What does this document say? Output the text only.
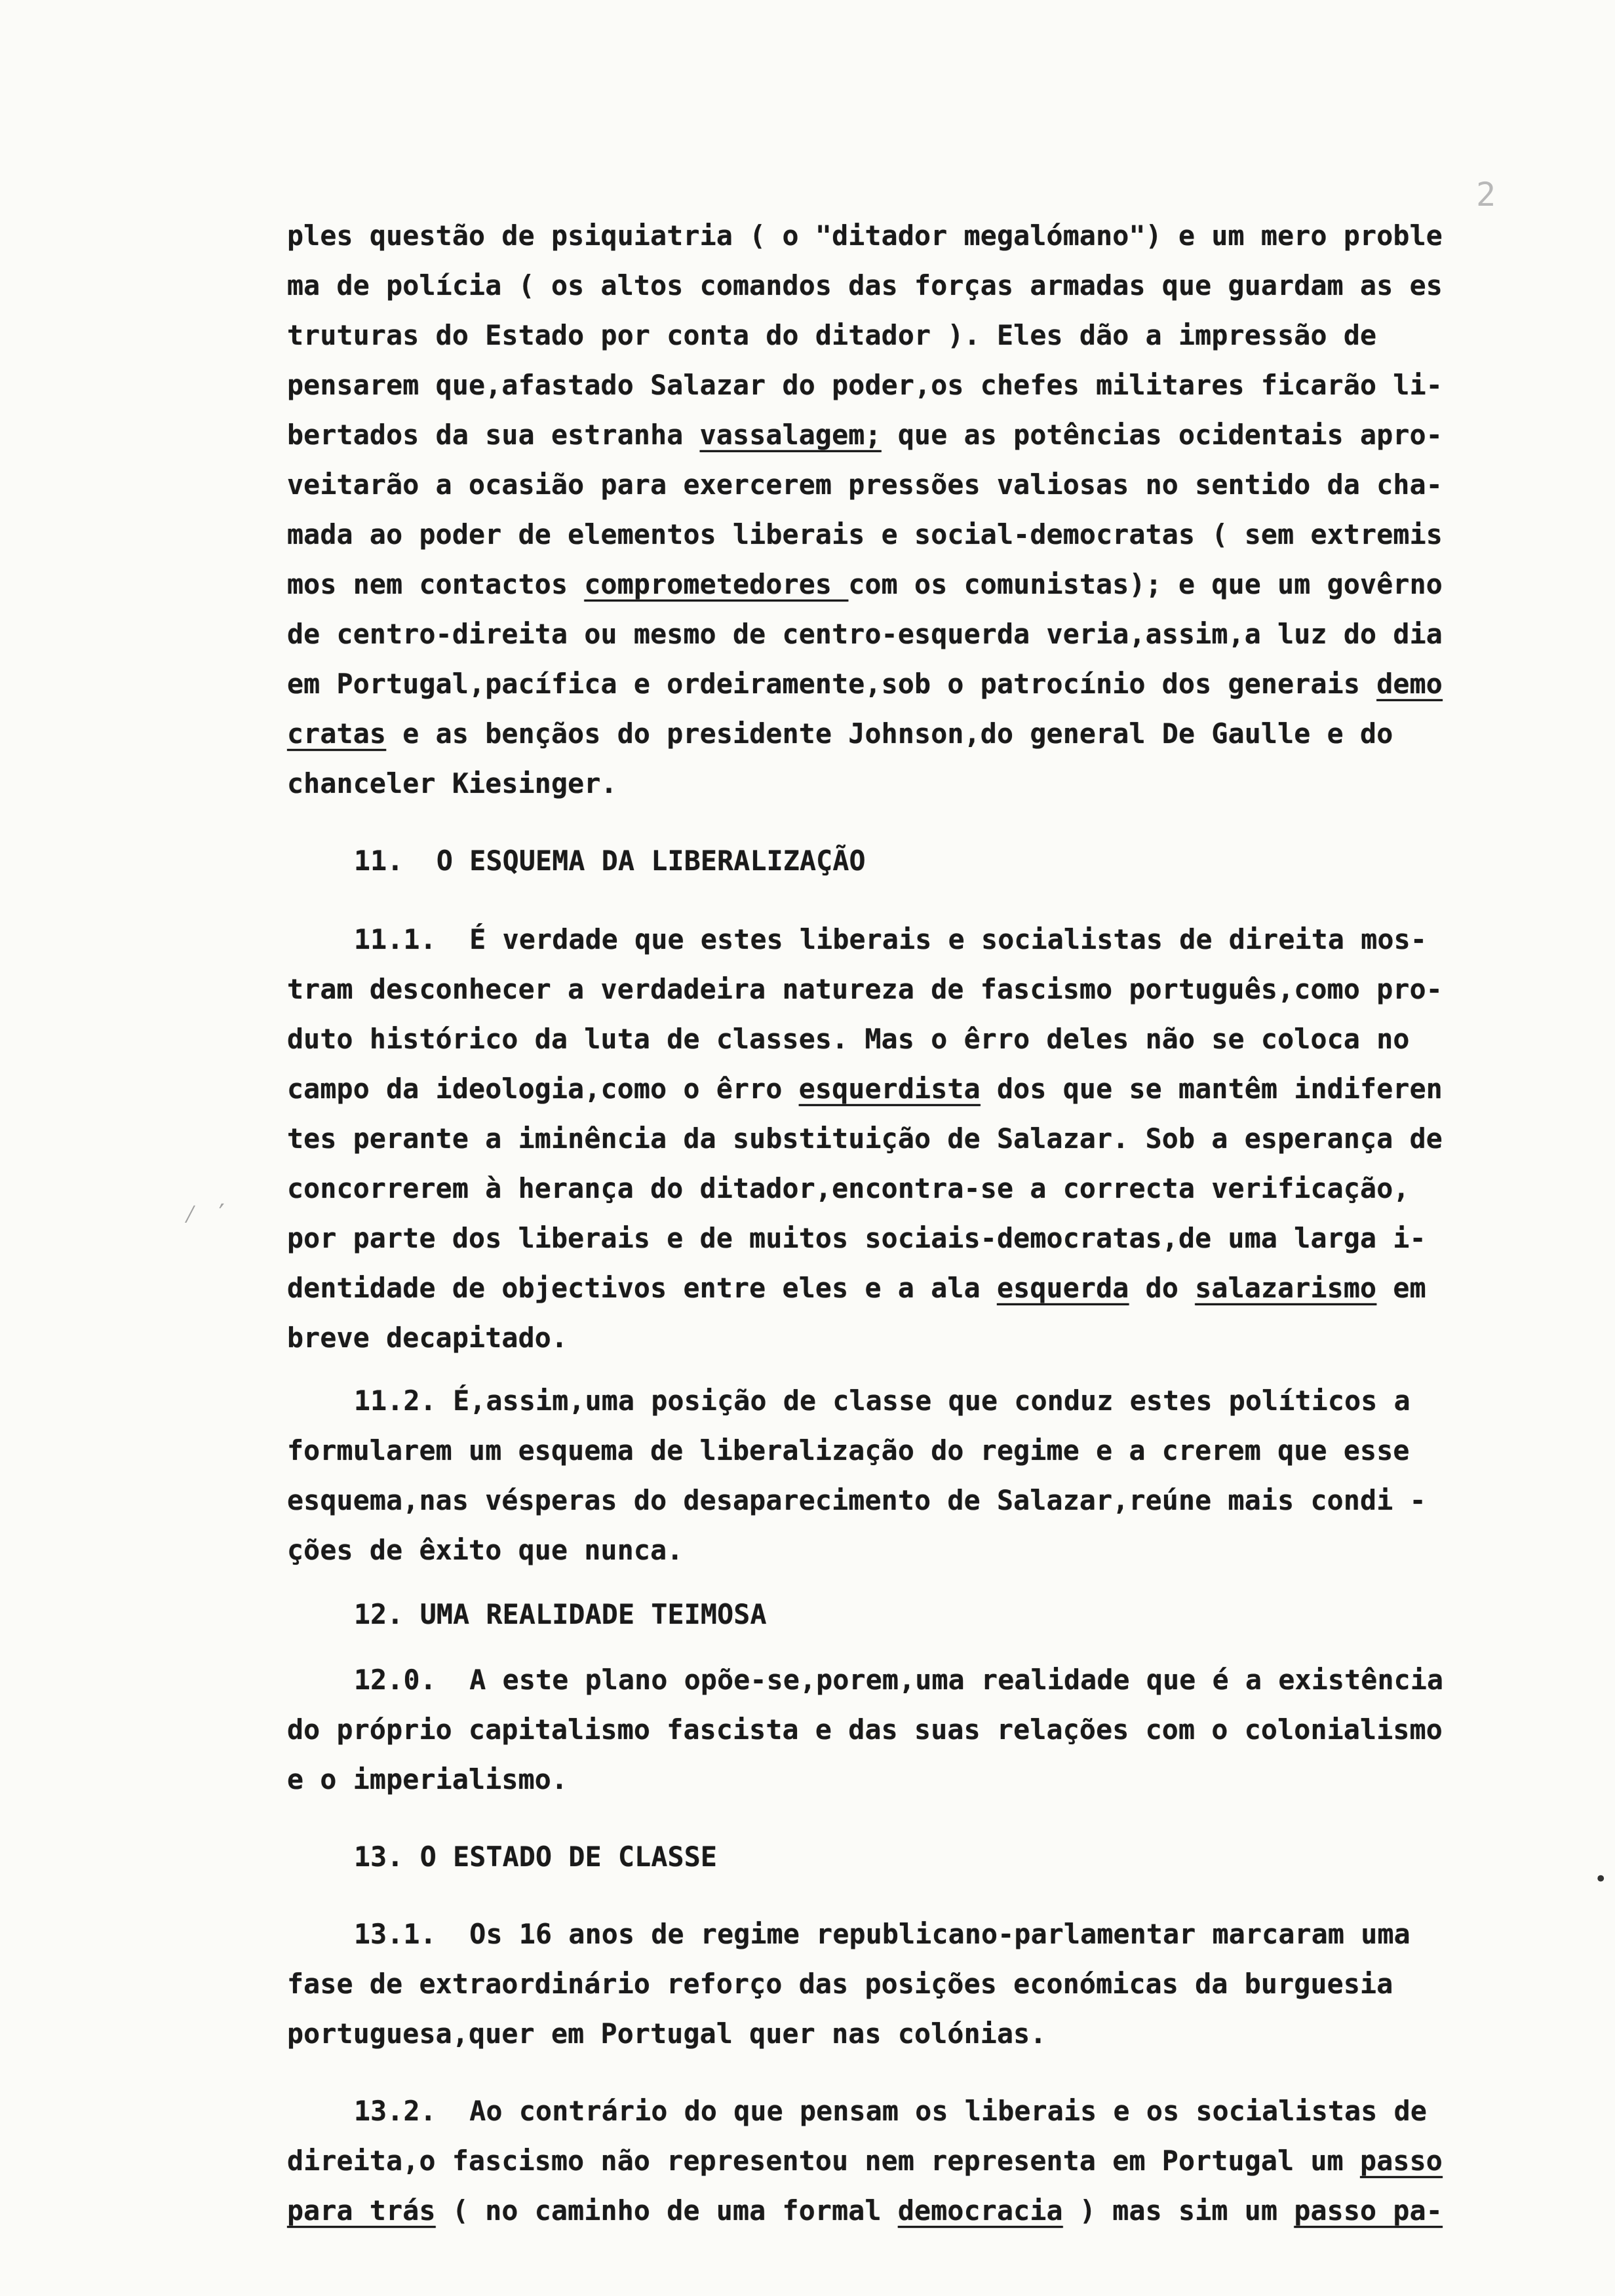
2
⁄ ′
•
ples questão de psiquiatria ( o "ditador megalómano") e um mero proble
ma de polícia ( os altos comandos das forças armadas que guardam as es
truturas do Estado por conta do ditador ). Eles dão a impressão de
pensarem que,afastado Salazar do poder,os chefes militares ficarão li-
bertados da sua estranha vassalagem; que as potências ocidentais apro-
veitarão a ocasião para exercerem pressões valiosas no sentido da cha-
mada ao poder de elementos liberais e social-democratas ( sem extremis
mos nem contactos comprometedores com os comunistas); e que um govêrno
de centro-direita ou mesmo de centro-esquerda veria,assim,a luz do dia
em Portugal,pacífica e ordeiramente,sob o patrocínio dos generais demo
cratas e as bençãos do presidente Johnson,do general De Gaulle e do
chanceler Kiesinger.
11.  O ESQUEMA DA LIBERALIZAÇÃO
11.1.  É verdade que estes liberais e socialistas de direita mos-
tram desconhecer a verdadeira natureza de fascismo português,como pro-
duto histórico da luta de classes. Mas o êrro deles não se coloca no
campo da ideologia,como o êrro esquerdista dos que se mantêm indiferen
tes perante a iminência da substituição de Salazar. Sob a esperança de
concorrerem à herança do ditador,encontra-se a correcta verificação,
por parte dos liberais e de muitos sociais-democratas,de uma larga i-
dentidade de objectivos entre eles e a ala esquerda do salazarismo em
breve decapitado.
11.2. É,assim,uma posição de classe que conduz estes políticos a
formularem um esquema de liberalização do regime e a crerem que esse
esquema,nas vésperas do desaparecimento de Salazar,reúne mais condi -
ções de êxito que nunca.
12. UMA REALIDADE TEIMOSA
12.0.  A este plano opõe-se,porem,uma realidade que é a existência
do próprio capitalismo fascista e das suas relações com o colonialismo
e o imperialismo.
13. O ESTADO DE CLASSE
13.1.  Os 16 anos de regime republicano-parlamentar marcaram uma
fase de extraordinário reforço das posições económicas da burguesia
portuguesa,quer em Portugal quer nas colónias.
13.2.  Ao contrário do que pensam os liberais e os socialistas de
direita,o fascismo não representou nem representa em Portugal um passo
para trás ( no caminho de uma formal democracia ) mas sim um passo pa-
